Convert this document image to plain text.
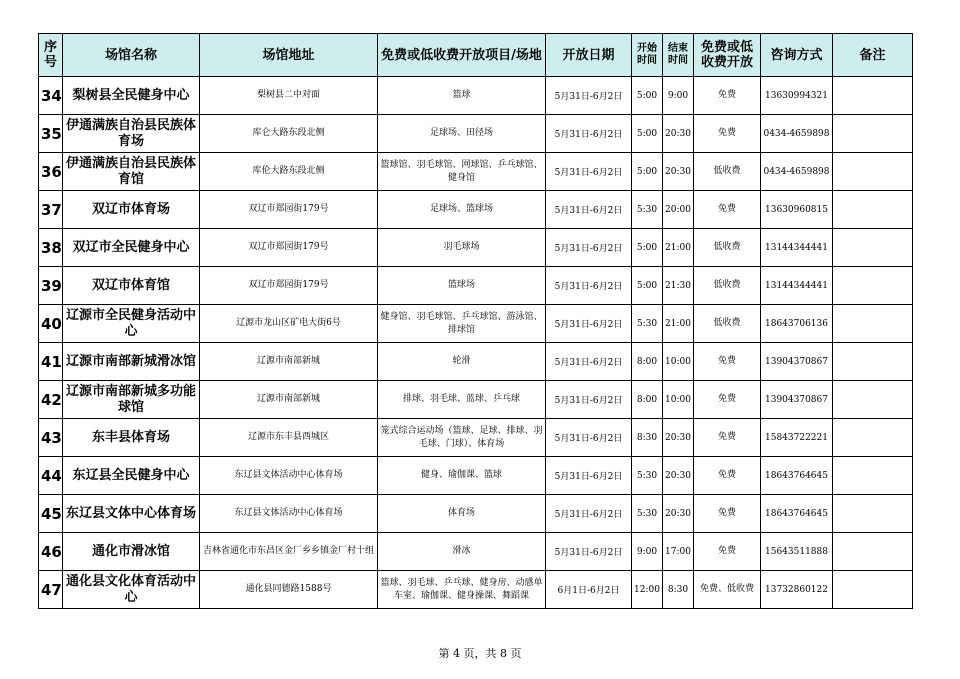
序号	场馆名称	场馆地址	免费或低收费开放项目/场地	开放日期	开始时间	结束时间	免费或低收费开放	咨询方式	备注
34	梨树县全民健身中心	梨树县二中对面	篮球	5月31日-6月2日	5:00	9:00	免费	13630994321	
35	伊通满族自治县民族体育场	库仑大路东段北侧	足球场、田径场	5月31日-6月2日	5:00	20:30	免费	0434-4659898	
36	伊通满族自治县民族体育馆	库伦大路东段北侧	篮球馆、羽毛球馆、网球馆、乒乓球馆、健身馆	5月31日-6月2日	5:00	20:30	低收费	0434-4659898	
37	双辽市体育场	双辽市郑园街179号	足球场、篮球场	5月31日-6月2日	5:30	20:00	免费	13630960815	
38	双辽市全民健身中心	双辽市郑园街179号	羽毛球场	5月31日-6月2日	5:00	21:00	低收费	13144344441	
39	双辽市体育馆	双辽市郑园街179号	篮球场	5月31日-6月2日	5:00	21:30	低收费	13144344441	
40	辽源市全民健身活动中心	辽源市龙山区矿电大街6号	健身馆、羽毛球馆、乒乓球馆、游泳馆、排球馆	5月31日-6月2日	5:30	21:00	低收费	18643706136	
41	辽源市南部新城滑冰馆	辽源市南部新城	轮滑	5月31日-6月2日	8:00	10:00	免费	13904370867	
42	辽源市南部新城多功能球馆	辽源市南部新城	排球、羽毛球、蓝球、乒乓球	5月31日-6月2日	8:00	10:00	免费	13904370867	
43	东丰县体育场	辽源市东丰县西城区	笼式综合运动场（篮球、足球、排球、羽毛球、门球）、体育场	5月31日-6月2日	8:30	20:30	免费	15843722221	
44	东辽县全民健身中心	东辽县文体活动中心体育场	健身、瑜伽课、篮球	5月31日-6月2日	5:30	20:30	免费	18643764645	
45	东辽县文体中心体育场	东辽县文体活动中心体育场	体育场	5月31日-6月2日	5:30	20:30	免费	18643764645	
46	通化市滑冰馆	吉林省通化市东昌区金厂乡乡镇金厂村十组	滑冰	5月31日-6月2日	9:00	17:00	免费	15643511888	
47	通化县文化体育活动中心	通化县同德路1588号	篮球、羽毛球、乒乓球、健身房、动感单车室、瑜伽课、健身操课、舞蹈课	6月1日-6月2日	12:00	8:30	免费、低收费	13732860122	
第 4 页，共 8 页
